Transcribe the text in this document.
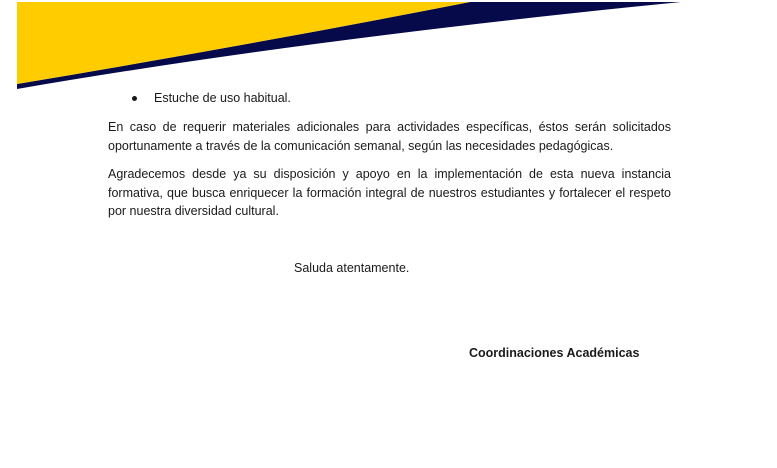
Estuche de uso habitual.

En caso de requerir materiales adicionales para actividades específicas, éstos serán solicitados oportunamente a través de la comunicación semanal, según las necesidades pedagógicas.

Agradecemos desde ya su disposición y apoyo en la implementación de esta nueva instancia formativa, que busca enriquecer la formación integral de nuestros estudiantes y fortalecer el respeto por nuestra diversidad cultural.

Saluda atentamente.
Coordinaciones Académicas
